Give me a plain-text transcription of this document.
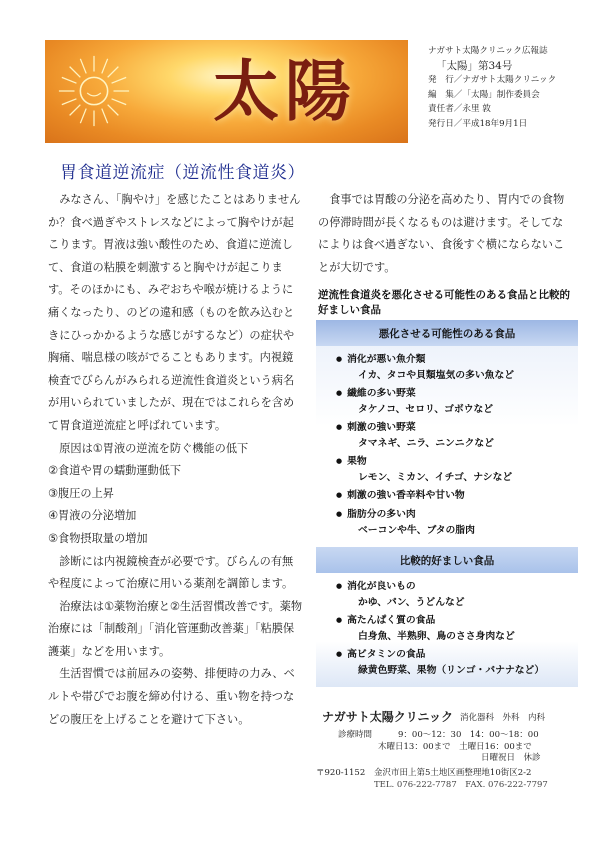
太陽
ナガサト太陽クリニック広報誌
「太陽」第34号
発　行／ナガサト太陽クリニック
編　集／「太陽」制作委員会
責任者／永里 敦
発行日／平成18年9月1日
胃食道逆流症（逆流性食道炎）

みなさん、「胸やけ」を感じたことはありませんか？食べ過ぎやストレスなどによって胸やけが起こります。胃液は強い酸性のため、食道に逆流して、食道の粘膜を刺激すると胸やけが起こります。そのほかにも、みぞおちや喉が焼けるように痛くなったり、のどの違和感（ものを飲み込むときにひっかかるような感じがするなど）の症状や胸痛、喘息様の咳がでることもあります。内視鏡検査でびらんがみられる逆流性食道炎という病名が用いられていましたが、現在ではこれらを含めて胃食道逆流症と呼ばれています。

原因は①胃液の逆流を防ぐ機能の低下

②食道や胃の蠕動運動低下

③腹圧の上昇

④胃液の分泌増加

⑤食物摂取量の増加

診断には内視鏡検査が必要です。びらんの有無や程度によって治療に用いる薬剤を調節します。

治療法は①薬物治療と②生活習慣改善です。薬物治療には「制酸剤」「消化管運動改善薬」「粘膜保護薬」などを用います。

生活習慣では前屈みの姿勢、排便時の力み、ベルトや帯びでお腹を締め付ける、重い物を持つなどの腹圧を上げることを避けて下さい。

食事では胃酸の分泌を高めたり、胃内での食物の停滞時間が長くなるものは避けます。そしてなによりは食べ過ぎない、食後すぐ横にならないことが大切です。

逆流性食道炎を悪化させる可能性のある食品と比較的好ましい食品
悪化させる可能性のある食品
● 消化が悪い魚介類
イカ、タコや貝類塩気の多い魚など
● 繊維の多い野菜
タケノコ、セロリ、ゴボウなど
● 刺激の強い野菜
タマネギ、ニラ、ニンニクなど
● 果物
レモン、ミカン、イチゴ、ナシなど
● 刺激の強い香辛料や甘い物
● 脂肪分の多い肉
ベーコンや牛、ブタの脂肉
比較的好ましい食品
● 消化が良いもの
かゆ、パン、うどんなど
● 高たんぱく質の食品
白身魚、半熟卵、鳥のささ身肉など
● 高ビタミンの食品
緑黄色野菜、果物（リンゴ・バナナなど）
ナガサト太陽クリニック 消化器科　外科　内科
診療時間	9：00～12：30　14：00～18：00
木曜日13：00まで　土曜日16：00まで
日曜祝日　休診
〒920-1152 金沢市田上第5土地区画整理地10街区2-2
TEL. 076-222-7787　FAX. 076-222-7797
